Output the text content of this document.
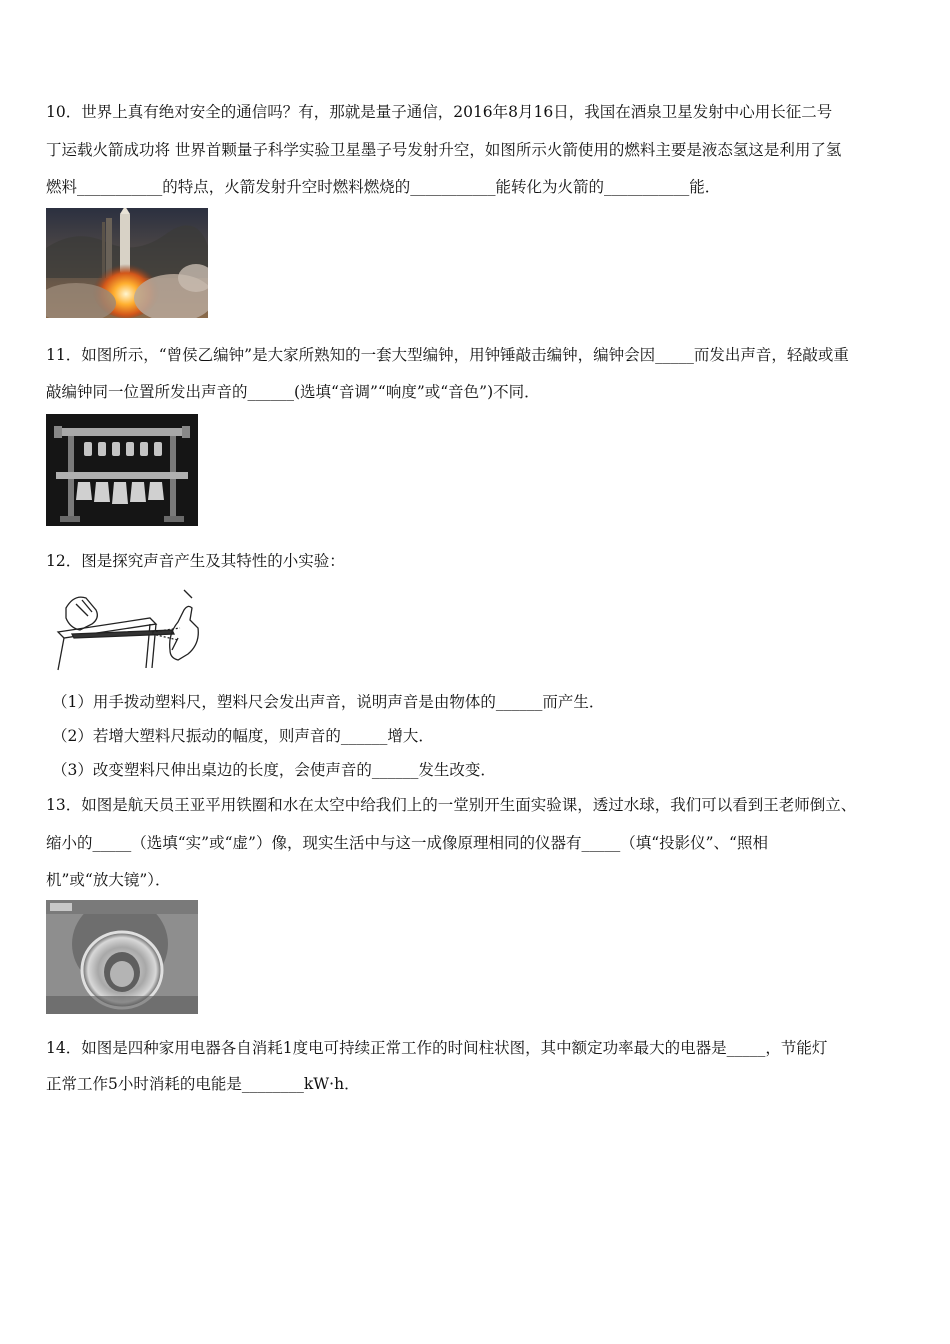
10．世界上真有绝对安全的通信吗？有，那就是量子通信，2016年8月16日，我国在酒泉卫星发射中心用长征二号
丁运载火箭成功将 世界首颗量子科学实验卫星墨子号发射升空，如图所示火箭使用的燃料主要是液态氢这是利用了氢
燃料___________的特点，火箭发射升空时燃料燃烧的___________能转化为火箭的___________能．
11．如图所示，“曾侯乙编钟”是大家所熟知的一套大型编钟，用钟锤敲击编钟，编钟会因_____而发出声音，轻敲或重
敲编钟同一位置所发出声音的______(选填“音调”“响度”或“音色”)不同．
12．图是探究声音产生及其特性的小实验：
（1）用手拨动塑料尺，塑料尺会发出声音，说明声音是由物体的______而产生．
（2）若增大塑料尺振动的幅度，则声音的______增大．
（3）改变塑料尺伸出桌边的长度，会使声音的______发生改变．
13．如图是航天员王亚平用铁圈和水在太空中给我们上的一堂别开生面实验课，透过水球，我们可以看到王老师倒立、
缩小的_____（选填“实”或“虚”）像，现实生活中与这一成像原理相同的仪器有_____（填“投影仪”、“照相
机”或“放大镜”）．
14．如图是四种家用电器各自消耗1度电可持续正常工作的时间柱状图，其中额定功率最大的电器是_____，节能灯
正常工作5小时消耗的电能是________kW·h．
